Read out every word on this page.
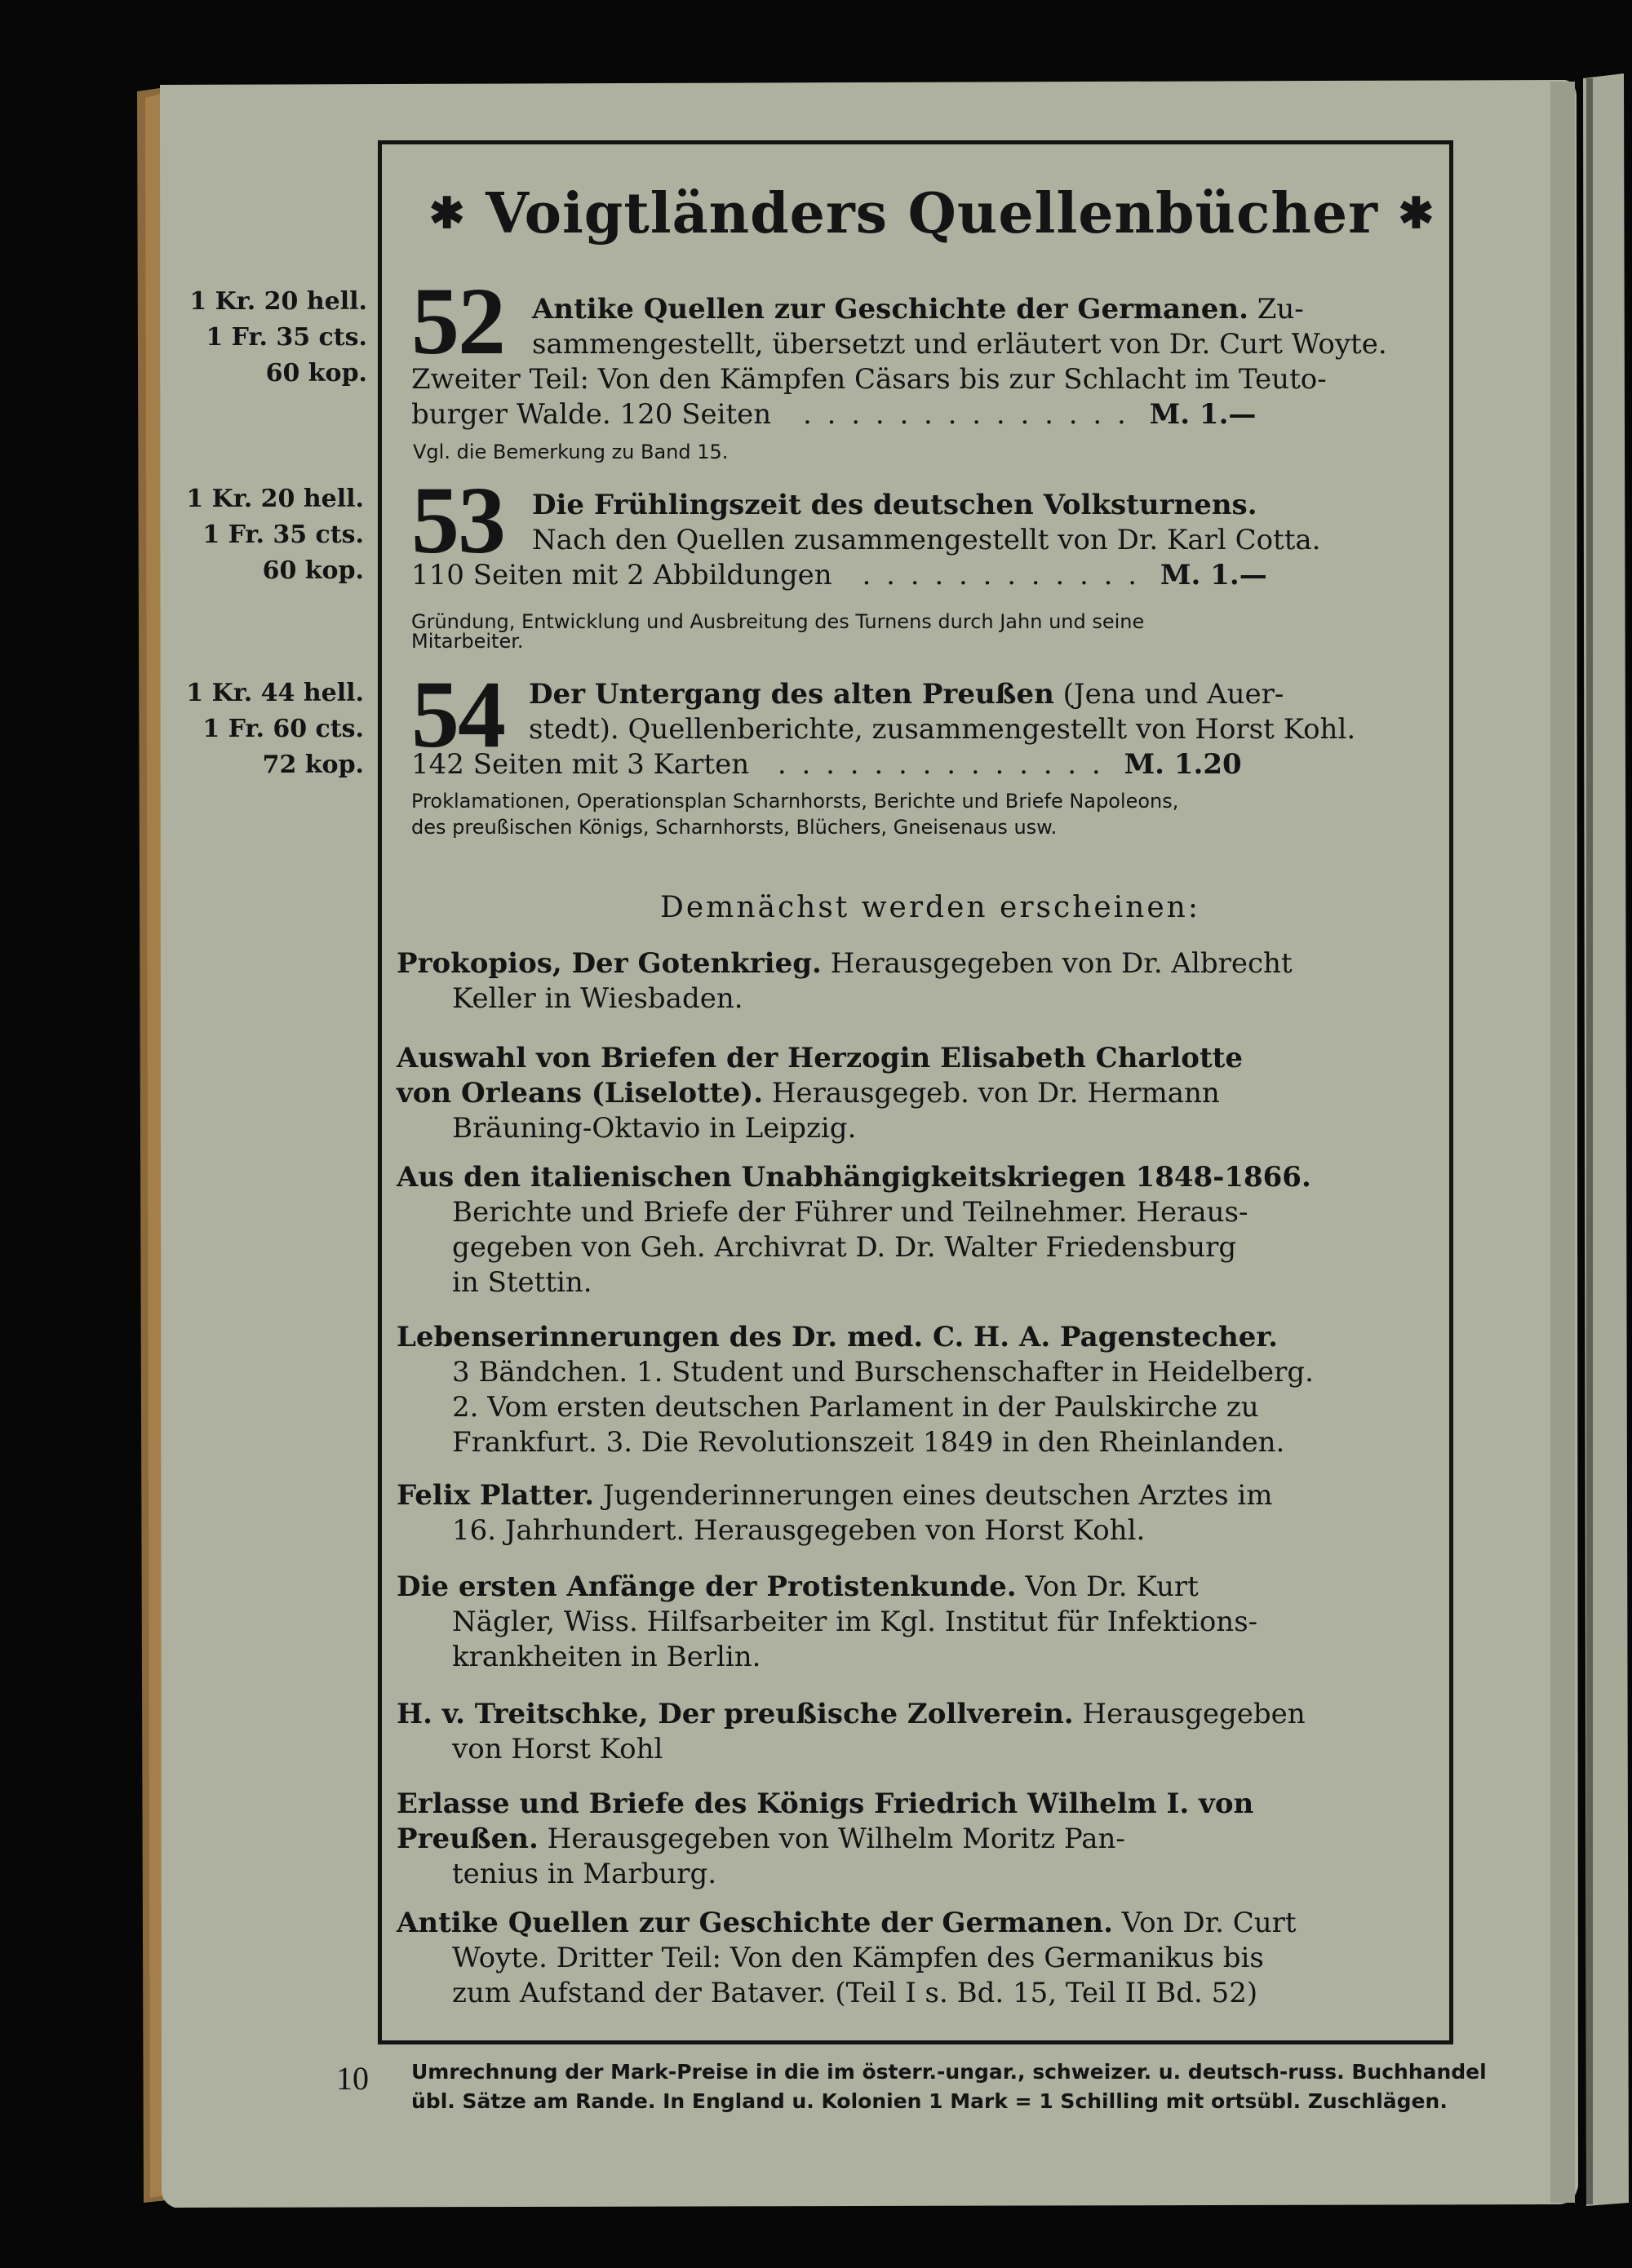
✱ Voigtländers Quellenbücher ✱
1 Kr. 20 hell.
1 Fr. 35 cts.
60 kop. 52 Antike Quellen zur Geschichte der Germanen. Zu-
sammengestellt, übersetzt und erläutert von Dr. Curt Woyte.
Zweiter Teil: Von den Kämpfen Cäsars bis zur Schlacht im Teuto-
burger Walde. 120 Seiten . . . . . . . . . . . . . . M. 1.—
Vgl. die Bemerkung zu Band 15.
1 Kr. 20 hell.
1 Fr. 35 cts.
60 kop. 53 Die Frühlingszeit des deutschen Volksturnens.
Nach den Quellen zusammengestellt von Dr. Karl Cotta.
110 Seiten mit 2 Abbildungen . . . . . . . . . . . . M. 1.—
Gründung, Entwicklung und Ausbreitung des Turnens durch Jahn und seine
Mitarbeiter.
1 Kr. 44 hell.
1 Fr. 60 cts.
72 kop. 54 Der Untergang des alten Preußen (Jena und Auer-
stedt). Quellenberichte, zusammengestellt von Horst Kohl.
142 Seiten mit 3 Karten . . . . . . . . . . . . . . M. 1.20
Proklamationen, Operationsplan Scharnhorsts, Berichte und Briefe Napoleons,
des preußischen Königs, Scharnhorsts, Blüchers, Gneisenaus usw.
Demnächst werden erscheinen:
Prokopios, Der Gotenkrieg. Herausgegeben von Dr. Albrecht
Keller in Wiesbaden.
Auswahl von Briefen der Herzogin Elisabeth Charlotte
von Orleans (Liselotte). Herausgegeb. von Dr. Hermann
Bräuning-Oktavio in Leipzig.
Aus den italienischen Unabhängigkeitskriegen 1848-1866.
Berichte und Briefe der Führer und Teilnehmer. Heraus-
gegeben von Geh. Archivrat D. Dr. Walter Friedensburg
in Stettin.
Lebenserinnerungen des Dr. med. C. H. A. Pagenstecher.
3 Bändchen. 1. Student und Burschenschafter in Heidelberg.
2. Vom ersten deutschen Parlament in der Paulskirche zu
Frankfurt. 3. Die Revolutionszeit 1849 in den Rheinlanden.
Felix Platter. Jugenderinnerungen eines deutschen Arztes im
16. Jahrhundert. Herausgegeben von Horst Kohl.
Die ersten Anfänge der Protistenkunde. Von Dr. Kurt
Nägler, Wiss. Hilfsarbeiter im Kgl. Institut für Infektions-
krankheiten in Berlin.
H. v. Treitschke, Der preußische Zollverein. Herausgegeben
von Horst Kohl
Erlasse und Briefe des Königs Friedrich Wilhelm I. von
Preußen. Herausgegeben von Wilhelm Moritz Pan-
tenius in Marburg.
Antike Quellen zur Geschichte der Germanen. Von Dr. Curt
Woyte. Dritter Teil: Von den Kämpfen des Germanikus bis
zum Aufstand der Bataver. (Teil I s. Bd. 15, Teil II Bd. 52)
10 Umrechnung der Mark-Preise in die im österr.-ungar., schweizer. u. deutsch-russ. Buchhandel
übl. Sätze am Rande. In England u. Kolonien 1 Mark = 1 Schilling mit ortsübl. Zuschlägen.
